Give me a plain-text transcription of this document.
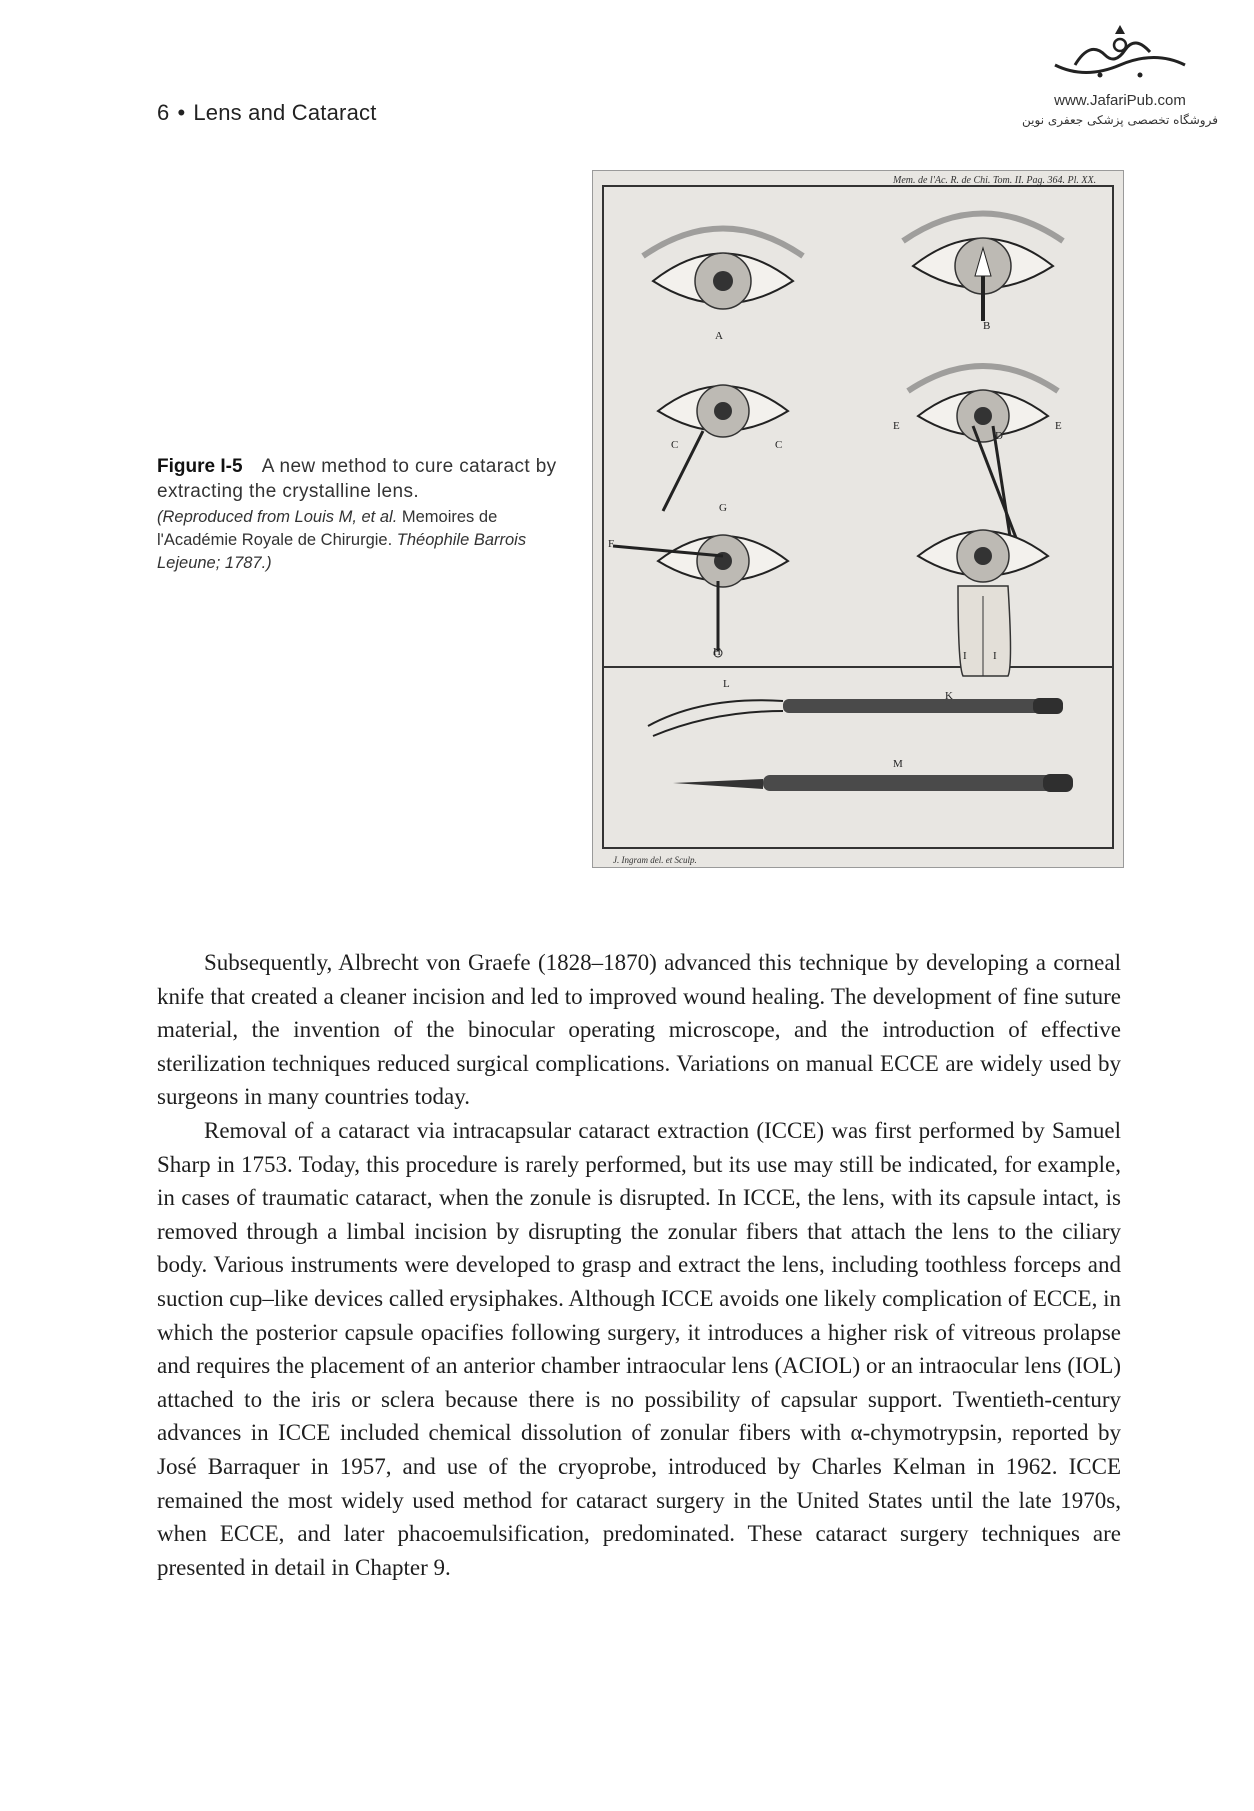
6 • Lens and Cataract	www.JafariPub.com
فروشگاه تخصصی پزشکی جعفری نوین
Figure I-5 A new method to cure cataract by extracting the crystalline lens.
(Reproduced from Louis M, et al. Memoires de l'Académie Royale de Chirurgie. Théophile Barrois Lejeune; 1787.)
Mem. de l'Ac. R. de Chi. Tom. II. Pag. 364. Pl. XX.
J. Ingram del. et Sculp.
A
B
C	C
D
E	E
F
G
H	I I
K
L
M

Subsequently, Albrecht von Graefe (1828–1870) advanced this technique by developing a corneal knife that created a cleaner incision and led to improved wound healing. The development of fine suture material, the invention of the binocular operating microscope, and the introduction of effective sterilization techniques reduced surgical complications. Variations on manual ECCE are widely used by surgeons in many countries today.

Removal of a cataract via intracapsular cataract extraction (ICCE) was first performed by Samuel Sharp in 1753. Today, this procedure is rarely performed, but its use may still be indicated, for example, in cases of traumatic cataract, when the zonule is disrupted. In ICCE, the lens, with its capsule intact, is removed through a limbal incision by disrupting the zonular fibers that attach the lens to the ciliary body. Various instruments were developed to grasp and extract the lens, including toothless forceps and suction cup–like devices called erysiphakes. Although ICCE avoids one likely complication of ECCE, in which the posterior capsule opacifies following surgery, it introduces a higher risk of vitreous prolapse and requires the placement of an anterior chamber intraocular lens (ACIOL) or an intraocular lens (IOL) attached to the iris or sclera because there is no possibility of capsular support. Twentieth-century advances in ICCE included chemical dissolution of zonular fibers with α-chymotrypsin, reported by José Barraquer in 1957, and use of the cryoprobe, introduced by Charles Kelman in 1962. ICCE remained the most widely used method for cataract surgery in the United States until the late 1970s, when ECCE, and later phacoemulsification, predominated. These cataract surgery techniques are presented in detail in Chapter 9.
